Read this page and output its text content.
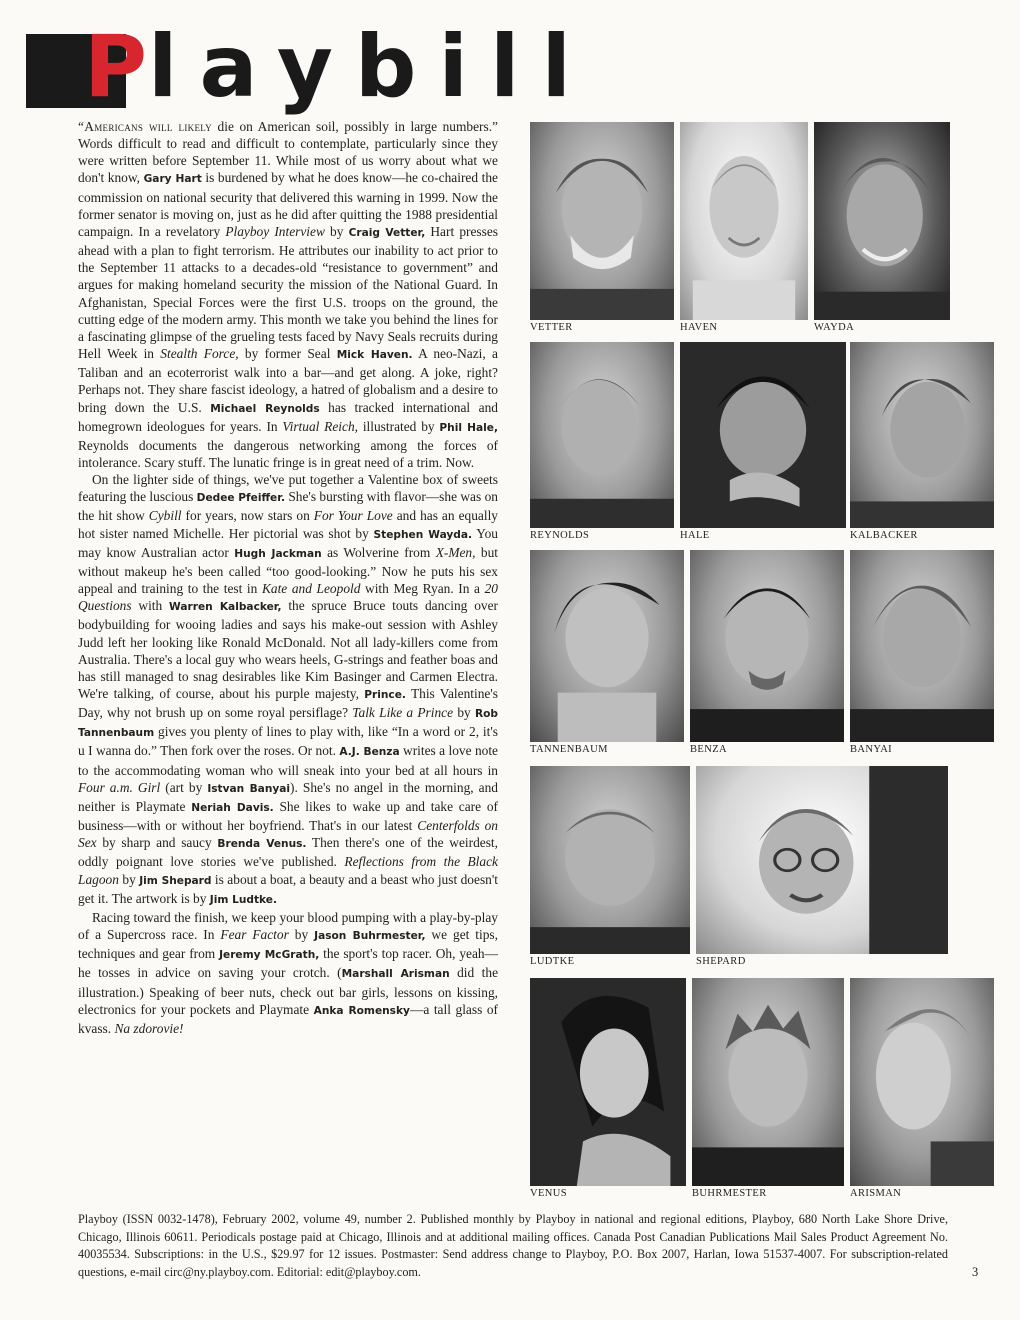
P laybill

“Americans will likely die on American soil, possibly in large numbers.” Words difficult to read and difficult to contemplate, particularly since they were written before September 11. While most of us worry about what we don't know, Gary Hart is burdened by what he does know—he co-chaired the commission on national security that delivered this warning in 1999. Now the former senator is moving on, just as he did after quitting the 1988 presidential campaign. In a revelatory Playboy Interview by Craig Vetter, Hart presses ahead with a plan to fight terrorism. He attributes our inability to act prior to the September 11 attacks to a decades-old “resistance to government” and argues for making homeland security the mission of the National Guard. In Afghanistan, Special Forces were the first U.S. troops on the ground, the cutting edge of the modern army. This month we take you behind the lines for a fascinating glimpse of the grueling tests faced by Navy Seals recruits during Hell Week in Stealth Force, by former Seal Mick Haven. A neo-Nazi, a Taliban and an ecoterrorist walk into a bar—and get along. A joke, right? Perhaps not. They share fascist ideology, a hatred of globalism and a desire to bring down the U.S. Michael Reynolds has tracked international and homegrown ideologues for years. In Virtual Reich, illustrated by Phil Hale, Reynolds documents the dangerous networking among the forces of intolerance. Scary stuff. The lunatic fringe is in great need of a trim. Now.

On the lighter side of things, we've put together a Valentine box of sweets featuring the luscious Dedee Pfeiffer. She's bursting with flavor—she was on the hit show Cybill for years, now stars on For Your Love and has an equally hot sister named Michelle. Her pictorial was shot by Stephen Wayda. You may know Australian actor Hugh Jackman as Wolverine from X-Men, but without makeup he's been called “too good-looking.” Now he puts his sex appeal and training to the test in Kate and Leopold with Meg Ryan. In a 20 Questions with Warren Kalbacker, the spruce Bruce touts dancing over bodybuilding for wooing ladies and says his make-out session with Ashley Judd left her looking like Ronald McDonald. Not all lady-killers come from Australia. There's a local guy who wears heels, G-strings and feather boas and has still managed to snag desirables like Kim Basinger and Carmen Electra. We're talking, of course, about his purple majesty, Prince. This Valentine's Day, why not brush up on some royal persiflage? Talk Like a Prince by Rob Tannenbaum gives you plenty of lines to play with, like “In a word or 2, it's u I wanna do.” Then fork over the roses. Or not. A.J. Benza writes a love note to the accommodating woman who will sneak into your bed at all hours in Four a.m. Girl (art by Istvan Banyai). She's no angel in the morning, and neither is Playmate Neriah Davis. She likes to wake up and take care of business—with or without her boyfriend. That's in our latest Centerfolds on Sex by sharp and saucy Brenda Venus. Then there's one of the weirdest, oddly poignant love stories we've published. Reflections from the Black Lagoon by Jim Shepard is about a boat, a beauty and a beast who just doesn't get it. The artwork is by Jim Ludtke.

Racing toward the finish, we keep your blood pumping with a play-by-play of a Supercross race. In Fear Factor by Jason Buhrmester, we get tips, techniques and gear from Jeremy McGrath, the sport's top racer. Oh, yeah—he tosses in advice on saving your crotch. (Marshall Arisman did the illustration.) Speaking of beer nuts, check out bar girls, lessons on kissing, electronics for your pockets and Playmate Anka Romensky—a tall glass of kvass. Na zdorovie!

VETTER	HAVEN	WAYDA
REYNOLDS	HALE	KALBACKER
TANNENBAUM	BENZA	BANYAI
LUDTKE	SHEPARD
VENUS	BUHRMESTER	ARISMAN
Playboy (ISSN 0032-1478), February 2002, volume 49, number 2. Published monthly by Playboy in national and regional editions, Playboy, 680 North Lake Shore Drive, Chicago, Illinois 60611. Periodicals postage paid at Chicago, Illinois and at additional mailing offices. Canada Post Canadian Publications Mail Sales Product Agreement No. 40035534. Subscriptions: in the U.S., $29.97 for 12 issues. Postmaster: Send address change to Playboy, P.O. Box 2007, Harlan, Iowa 51537-4007. For subscription-related questions, e-mail circ@ny.playboy.com. Editorial: edit@playboy.com.	3
